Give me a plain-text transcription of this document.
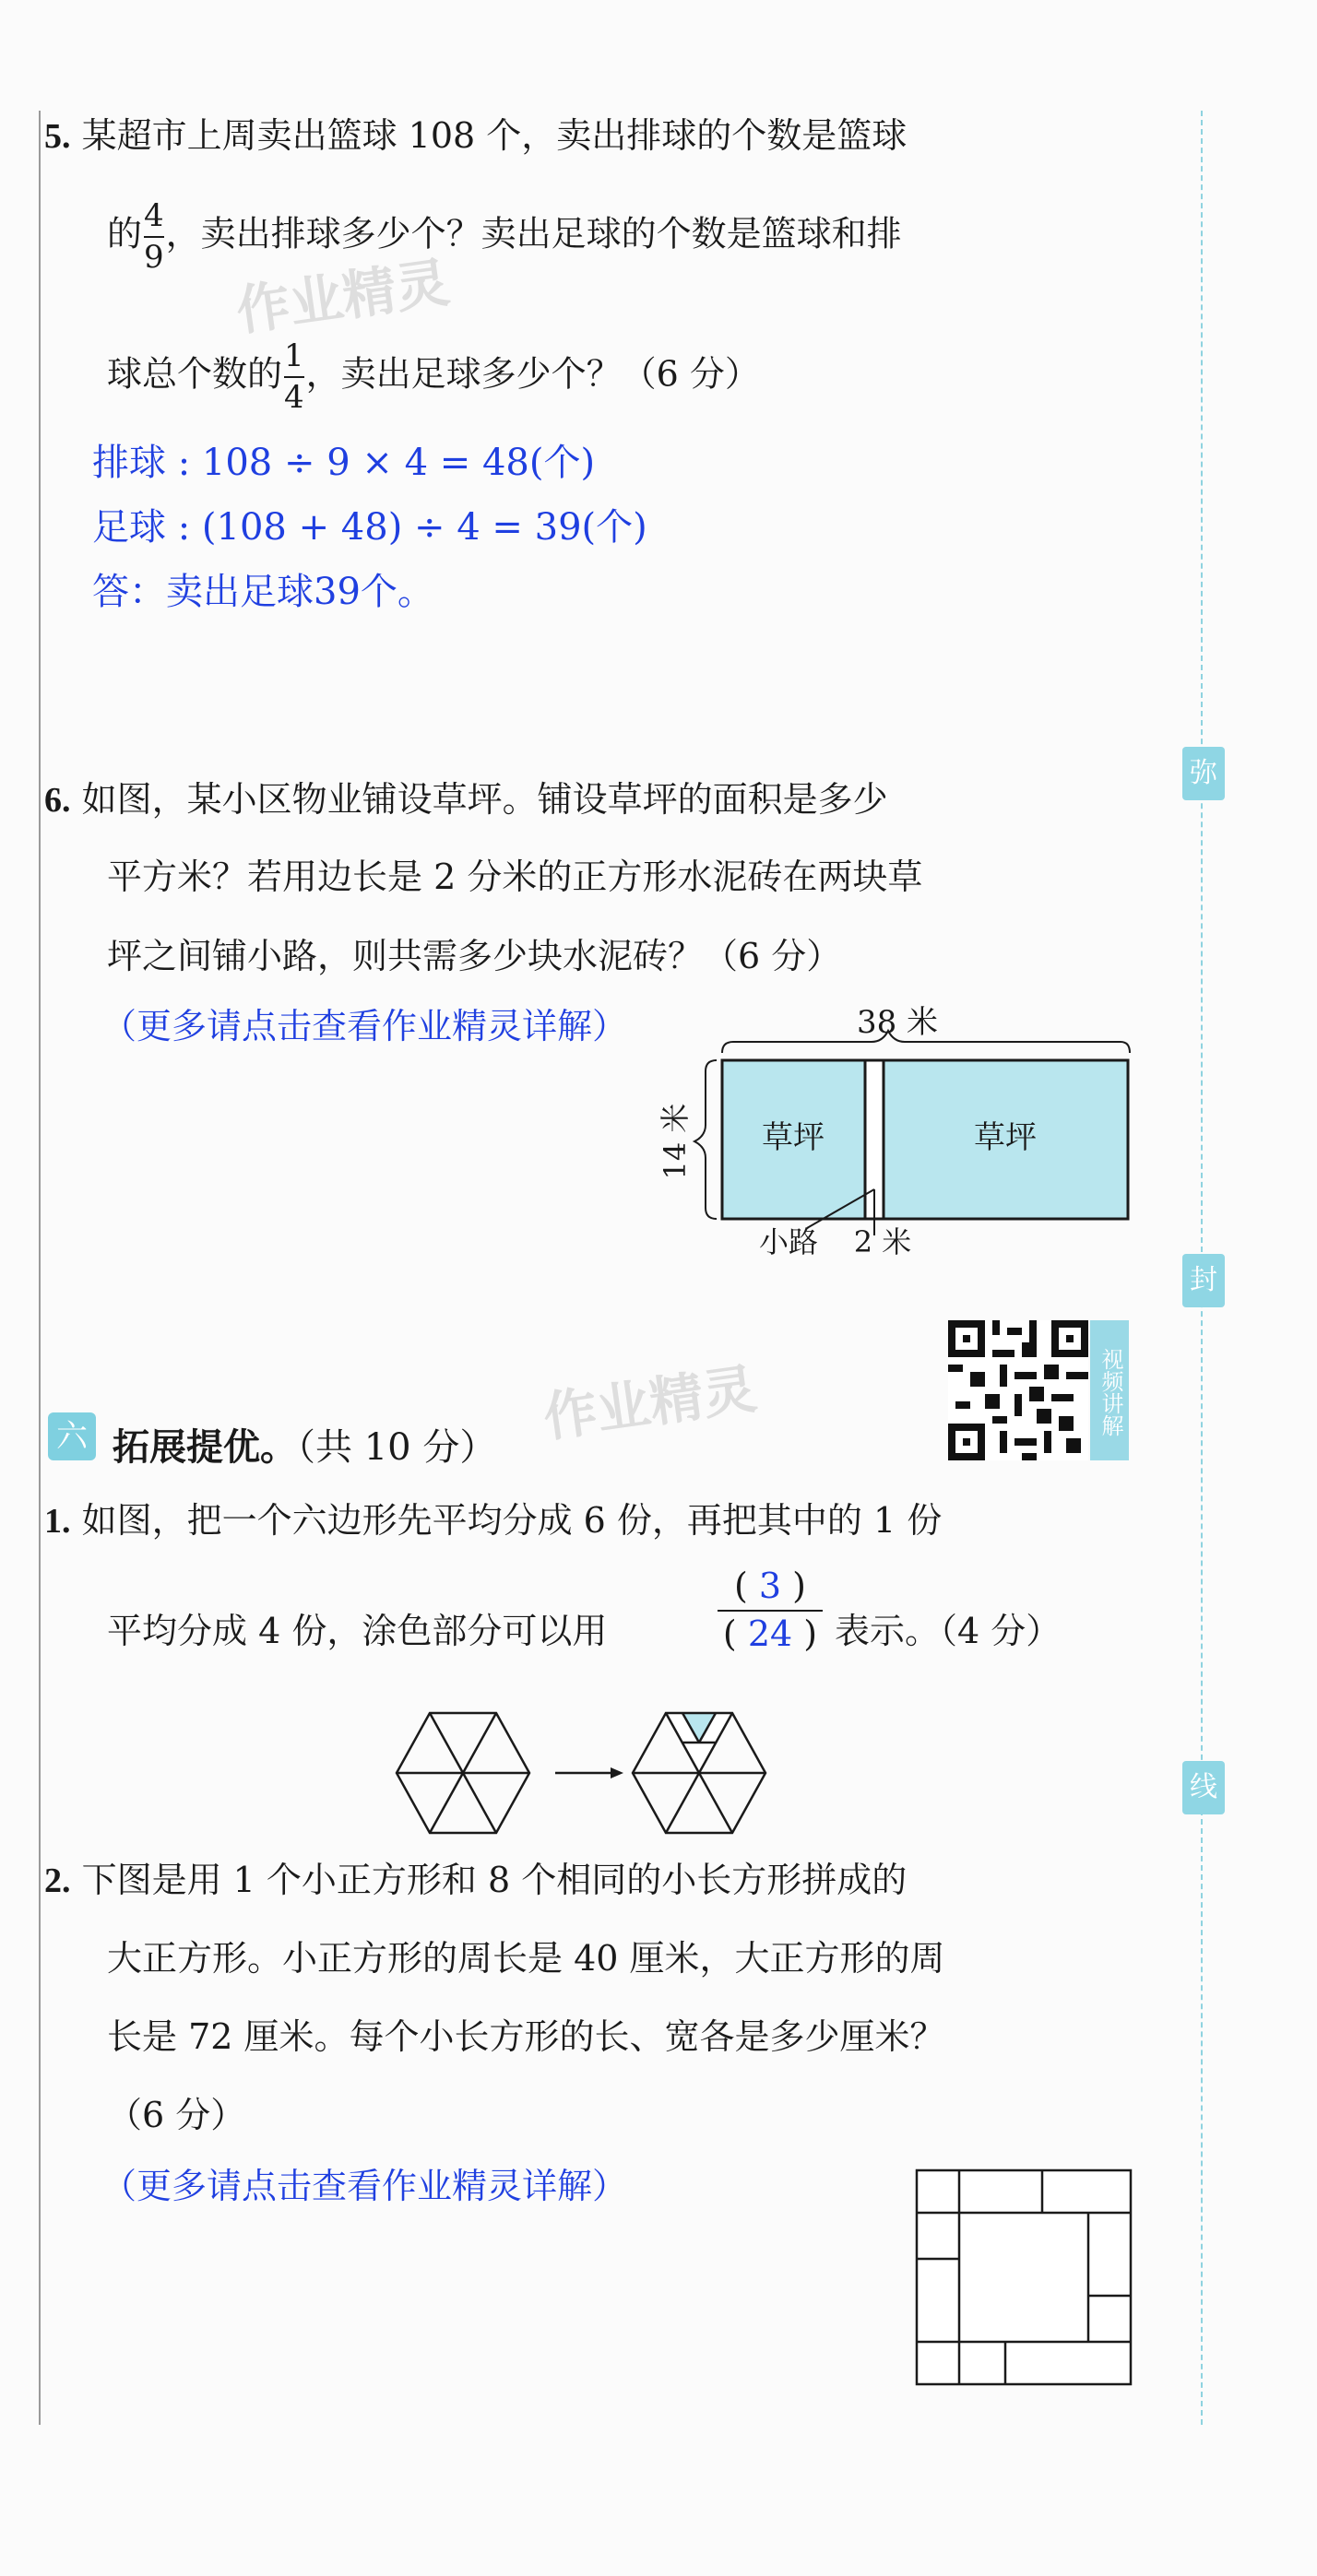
弥
封
线
作业精灵
作业精灵
5. 某超市上周卖出篮球 108 个，卖出排球的个数是篮球
的 $\frac{4}{9}$ ，卖出排球多少个？卖出足球的个数是篮球和排
球总个数的 $\frac{1}{4}$ ，卖出足球多少个？（6 分）
排球 : 108 ÷ 9 × 4 = 48(个)
足球 : (108 + 48) ÷ 4 = 39(个)
答：卖出足球39个。
6. 如图，某小区物业铺设草坪。铺设草坪的面积是多少
平方米？若用边长是 2 分米的正方形水泥砖在两块草
坪之间铺小路，则共需多少块水泥砖？（6 分）
（更多请点击查看作业精灵详解）	38 米
14 米 草坪	草坪
小路 2 米
视频讲解
六 拓展提优。（共 10 分）
1. 如图，把一个六边形先平均分成 6 份，再把其中的 1 份
平均分成 4 份，涂色部分可以用
( 3 )
( 24 ) 表示。（4 分）
2. 下图是用 1 个小正方形和 8 个相同的小长方形拼成的
大正方形。小正方形的周长是 40 厘米，大正方形的周
长是 72 厘米。每个小长方形的长、宽各是多少厘米？
（6 分）
（更多请点击查看作业精灵详解）
